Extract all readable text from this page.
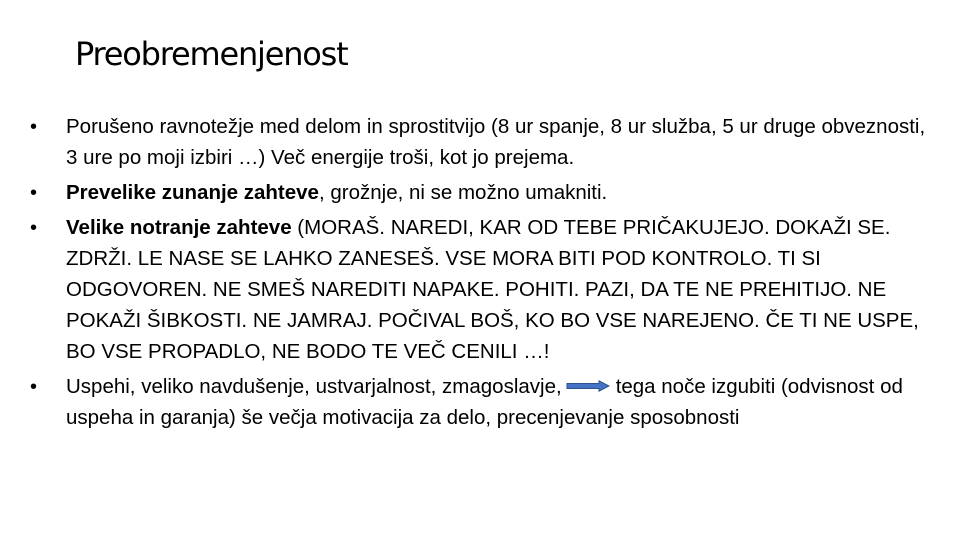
Preobremenjenost
•
Porušeno ravnotežje med delom in sprostitvijo (8 ur spanje, 8 ur služba, 5 ur druge obveznosti, 3 ure po moji izbiri …) Več energije troši, kot jo prejema.
•
Prevelike zunanje zahteve, grožnje, ni se možno umakniti.
•
Velike notranje zahteve (MORAŠ. NAREDI, KAR OD TEBE PRIČAKUJEJO. DOKAŽI SE. ZDRŽI. LE NASE SE LAHKO ZANESEŠ. VSE MORA BITI POD KONTROLO. TI SI ODGOVOREN. NE SMEŠ NAREDITI NAPAKE. POHITI. PAZI, DA TE NE PREHITIJO. NE POKAŽI ŠIBKOSTI. NE JAMRAJ. POČIVAL BOŠ, KO BO VSE NAREJENO. ČE TI NE USPE, BO VSE PROPADLO, NE BODO TE VEČ CENILI …!
•
Uspehi, veliko navdušenje, ustvarjalnost, zmagoslavje,	tega noče izgubiti (odvisnost od uspeha in garanja) še večja motivacija za delo, precenjevanje sposobnosti
